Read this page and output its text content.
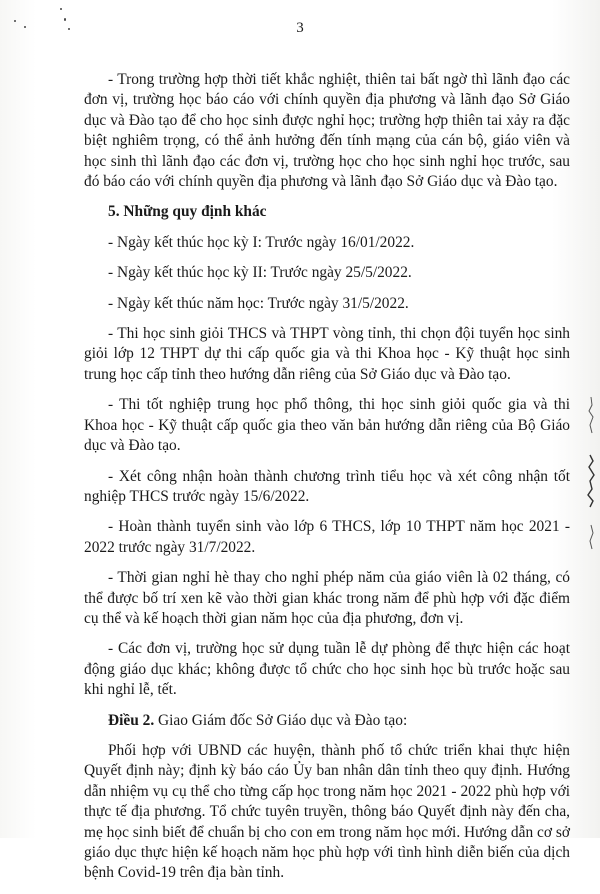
3

- Trong trường hợp thời tiết khắc nghiệt, thiên tai bất ngờ thì lãnh đạo các đơn vị, trường học báo cáo với chính quyền địa phương và lãnh đạo Sở Giáo dục và Đào tạo để cho học sinh được nghỉ học; trường hợp thiên tai xảy ra đặc biệt nghiêm trọng, có thể ảnh hưởng đến tính mạng của cán bộ, giáo viên và học sinh thì lãnh đạo các đơn vị, trường học cho học sinh nghỉ học trước, sau đó báo cáo với chính quyền địa phương và lãnh đạo Sở Giáo dục và Đào tạo.

5. Những quy định khác

- Ngày kết thúc học kỳ I: Trước ngày 16/01/2022.

- Ngày kết thúc học kỳ II: Trước ngày 25/5/2022.

- Ngày kết thúc năm học: Trước ngày 31/5/2022.

- Thi học sinh giỏi THCS và THPT vòng tỉnh, thi chọn đội tuyển học sinh giỏi lớp 12 THPT dự thi cấp quốc gia và thi Khoa học - Kỹ thuật học sinh trung học cấp tỉnh theo hướng dẫn riêng của Sở Giáo dục và Đào tạo.

- Thi tốt nghiệp trung học phổ thông, thi học sinh giỏi quốc gia và thi Khoa học - Kỹ thuật cấp quốc gia theo văn bản hướng dẫn riêng của Bộ Giáo dục và Đào tạo.

- Xét công nhận hoàn thành chương trình tiểu học và xét công nhận tốt nghiệp THCS trước ngày 15/6/2022.

- Hoàn thành tuyển sinh vào lớp 6 THCS, lớp 10 THPT năm học 2021 - 2022 trước ngày 31/7/2022.

- Thời gian nghỉ hè thay cho nghỉ phép năm của giáo viên là 02 tháng, có thể được bố trí xen kẽ vào thời gian khác trong năm để phù hợp với đặc điểm cụ thể và kế hoạch thời gian năm học của địa phương, đơn vị.

- Các đơn vị, trường học sử dụng tuần lễ dự phòng để thực hiện các hoạt động giáo dục khác; không được tổ chức cho học sinh học bù trước hoặc sau khi nghỉ lễ, tết.

Điều 2. Giao Giám đốc Sở Giáo dục và Đào tạo:

Phối hợp với UBND các huyện, thành phố tổ chức triển khai thực hiện Quyết định này; định kỳ báo cáo Ủy ban nhân dân tỉnh theo quy định. Hướng dẫn nhiệm vụ cụ thể cho từng cấp học trong năm học 2021 - 2022 phù hợp với thực tế địa phương. Tổ chức tuyên truyền, thông báo Quyết định này đến cha, mẹ học sinh biết để chuẩn bị cho con em trong năm học mới. Hướng dẫn cơ sở giáo dục thực hiện kế hoạch năm học phù hợp với tình hình diễn biến của dịch bệnh Covid-19 trên địa bàn tỉnh.
